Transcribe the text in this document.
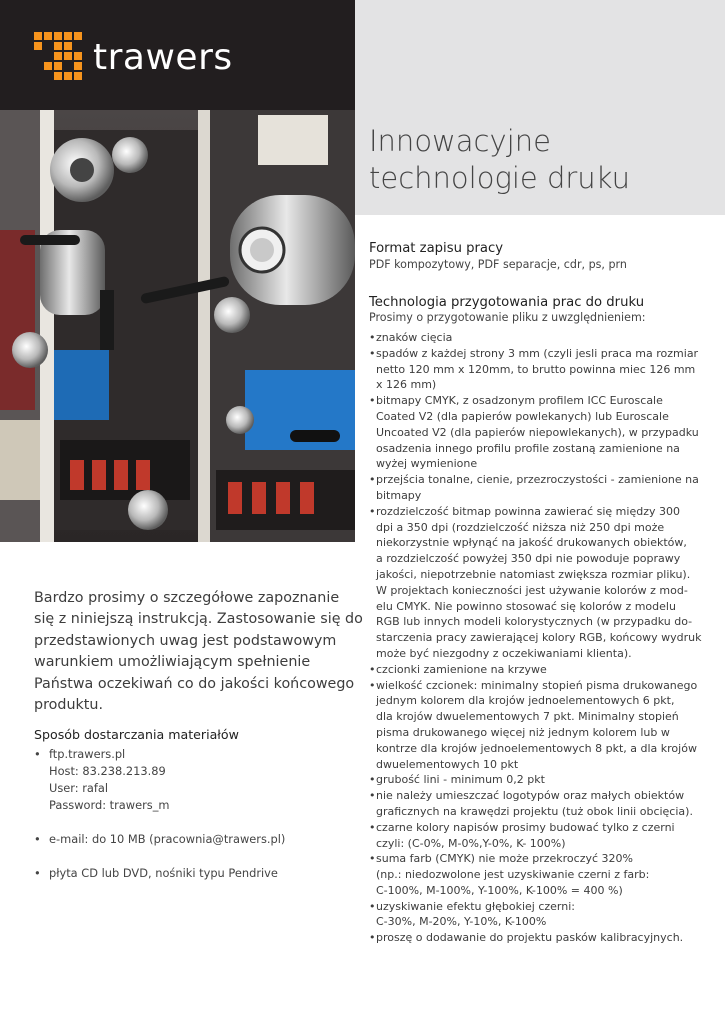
trawers
Innowacyjne
technologie druku
Format zapisu pracy
PDF kompozytowy, PDF separacje, cdr, ps, prn
Technologia przygotowania prac do druku
Prosimy o przygotowanie pliku z uwzględnieniem:
• znaków cięcia
• spadów z każdej strony 3 mm (czyli jesli praca ma rozmiar
netto 120 mm x 120mm, to brutto powinna miec 126 mm
x 126 mm)
• bitmapy CMYK, z osadzonym profilem ICC Euroscale
Coated V2 (dla papierów powlekanych) lub Euroscale
Uncoated V2 (dla papierów niepowlekanych), w przypadku
osadzenia innego profilu profile zostaną zamienione na
wyżej wymienione
• przejścia tonalne, cienie, przezroczystości - zamienione na
bitmapy
• rozdzielczość bitmap powinna zawierać się między 300
dpi a 350 dpi (rozdzielczość niższa niż 250 dpi może
niekorzystnie wpłynąć na jakość drukowanych obiektów,
a rozdzielczość powyżej 350 dpi nie powoduje poprawy
jakości, niepotrzebnie natomiast zwiększa rozmiar pliku).
W projektach konieczności jest używanie kolorów z mod-
elu CMYK. Nie powinno stosować się kolorów z modelu
RGB lub innych modeli kolorystycznych (w przypadku do-
starczenia pracy zawierającej kolory RGB, końcowy wydruk
może być niezgodny z oczekiwaniami klienta).
• czcionki zamienione na krzywe
• wielkość czcionek: minimalny stopień pisma drukowanego
jednym kolorem dla krojów jednoelementowych 6 pkt,
dla krojów dwuelementowych 7 pkt. Minimalny stopień
pisma drukowanego więcej niż jednym kolorem lub w
kontrze dla krojów jednoelementowych 8 pkt, a dla krojów
dwuelementowych 10 pkt
• grubość lini - minimum 0,2 pkt
• nie należy umieszczać logotypów oraz małych obiektów
graficznych na krawędzi projektu (tuż obok linii obcięcia).
• czarne kolory napisów prosimy budować tylko z czerni
czyli: (C-0%, M-0%,Y-0%, K- 100%)
• suma farb (CMYK) nie może przekroczyć 320%
(np.: niedozwolone jest uzyskiwanie czerni z farb:
C-100%, M-100%, Y-100%, K-100% = 400 %)
• uzyskiwanie efektu głębokiej czerni:
C-30%, M-20%, Y-10%, K-100%
• proszę o dodawanie do projektu pasków kalibracyjnych.
Bardzo prosimy o szczegółowe zapoznanie
się z niniejszą instrukcją. Zastosowanie się do
przedstawionych uwag jest podstawowym
warunkiem umożliwiającym spełnienie
Państwa oczekiwań co do jakości końcowego
produktu.
Sposób dostarczania materiałów
• ftp.trawers.pl
Host: 83.238.213.89
User: rafal
Password: trawers_m
• e-mail: do 10 MB (pracownia@trawers.pl)
• płyta CD lub DVD, nośniki typu Pendrive
